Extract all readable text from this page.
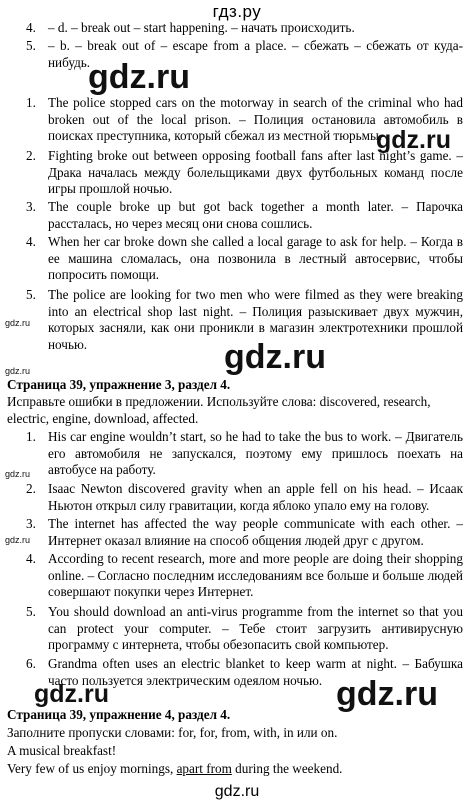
гдз.ру
4. – d. – break out – start happening. – начать происходить.
5. – b. – break out of – escape from a place. – сбежать – сбежать от куда-нибудь.
1. The police stopped cars on the motorway in search of the criminal who had broken out of the local prison. – Полиция остановила автомобиль в поисках преступника, который сбежал из местной тюрьмы.
2. Fighting broke out between opposing football fans after last night’s game. – Драка началась между болельщиками двух футбольных команд после игры прошлой ночью.
3. The couple broke up but got back together a month later. – Парочка рассталась, но через месяц они снова сошлись.
4. When her car broke down she called a local garage to ask for help. – Когда в ее машина сломалась, она позвонила в лестный автосервис, чтобы попросить помощи.
5. The police are looking for two men who were filmed as they were breaking into an electrical shop last night. – Полиция разыскивает двух мужчин, которых засняли, как они проникли в магазин электротехники прошлой ночью.
Страница 39, упражнение 3, раздел 4.
Исправьте ошибки в предложении. Используйте слова: discovered, research, electric, engine, download, affected.
1. His car engine wouldn’t start, so he had to take the bus to work. – Двигатель его автомобиля не запускался, поэтому ему пришлось поехать на автобусе на работу.
2. Isaac Newton discovered gravity when an apple fell on his head. – Исаак Ньютон открыл силу гравитации, когда яблоко упало ему на голову.
3. The internet has affected the way people communicate with each other. – Интернет оказал влияние на способ общения людей друг с другом.
4. According to recent research, more and more people are doing their shopping online. – Согласно последним исследованиям все больше и больше людей совершают покупки через Интернет.
5. You should download an anti-virus programme from the internet so that you can protect your computer. – Тебе стоит загрузить антивирусную программу с интернета, чтобы обезопасить свой компьютер.
6. Grandma often uses an electric blanket to keep warm at night. – Бабушка часто пользуется электрическим одеялом ночью.
Страница 39, упражнение 4, раздел 4.
Заполните пропуски словами: for, for, from, with, in или on.
A musical breakfast!
Very few of us enjoy mornings, apart from during the weekend.
gdz.ru
gdz.ru
gdz.ru
gdz.ru
gdz.ru
gdz.ru
gdz.ru
gdz.ru	gdz.ru
gdz.ru
